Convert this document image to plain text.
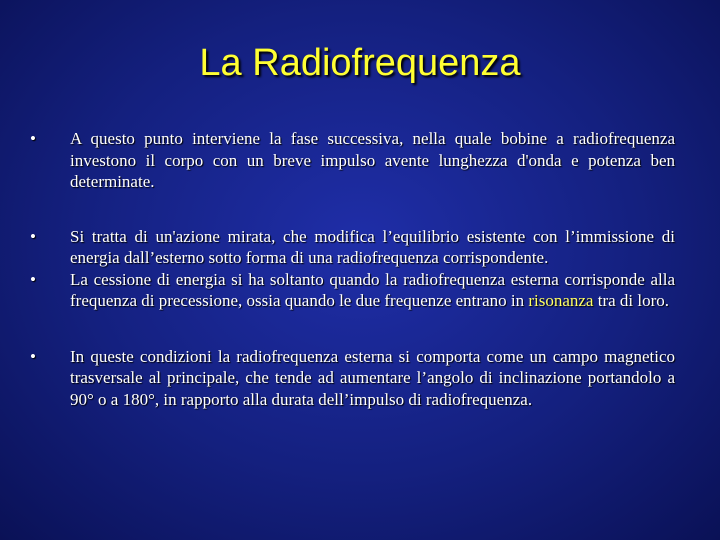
La Radiofrequenza
•	A questo punto interviene la fase successiva, nella quale bobine a radiofrequenza investono il corpo con un breve impulso avente lunghezza d'onda e potenza ben determinate.
•	Si tratta di un'azione mirata, che modifica l’equilibrio esistente con l’immissione di energia dall’esterno sotto forma di una radiofrequenza corrispondente.
•	La cessione di energia si ha soltanto quando la radiofrequenza esterna corrisponde alla frequenza di precessione, ossia quando le due frequenze entrano in risonanza tra di loro.
•	In queste condizioni la radiofrequenza esterna si comporta come un campo magnetico trasversale al principale, che tende ad aumentare l’angolo di inclinazione portandolo a 90° o a 180°, in rapporto alla durata dell’impulso di radiofrequenza.
